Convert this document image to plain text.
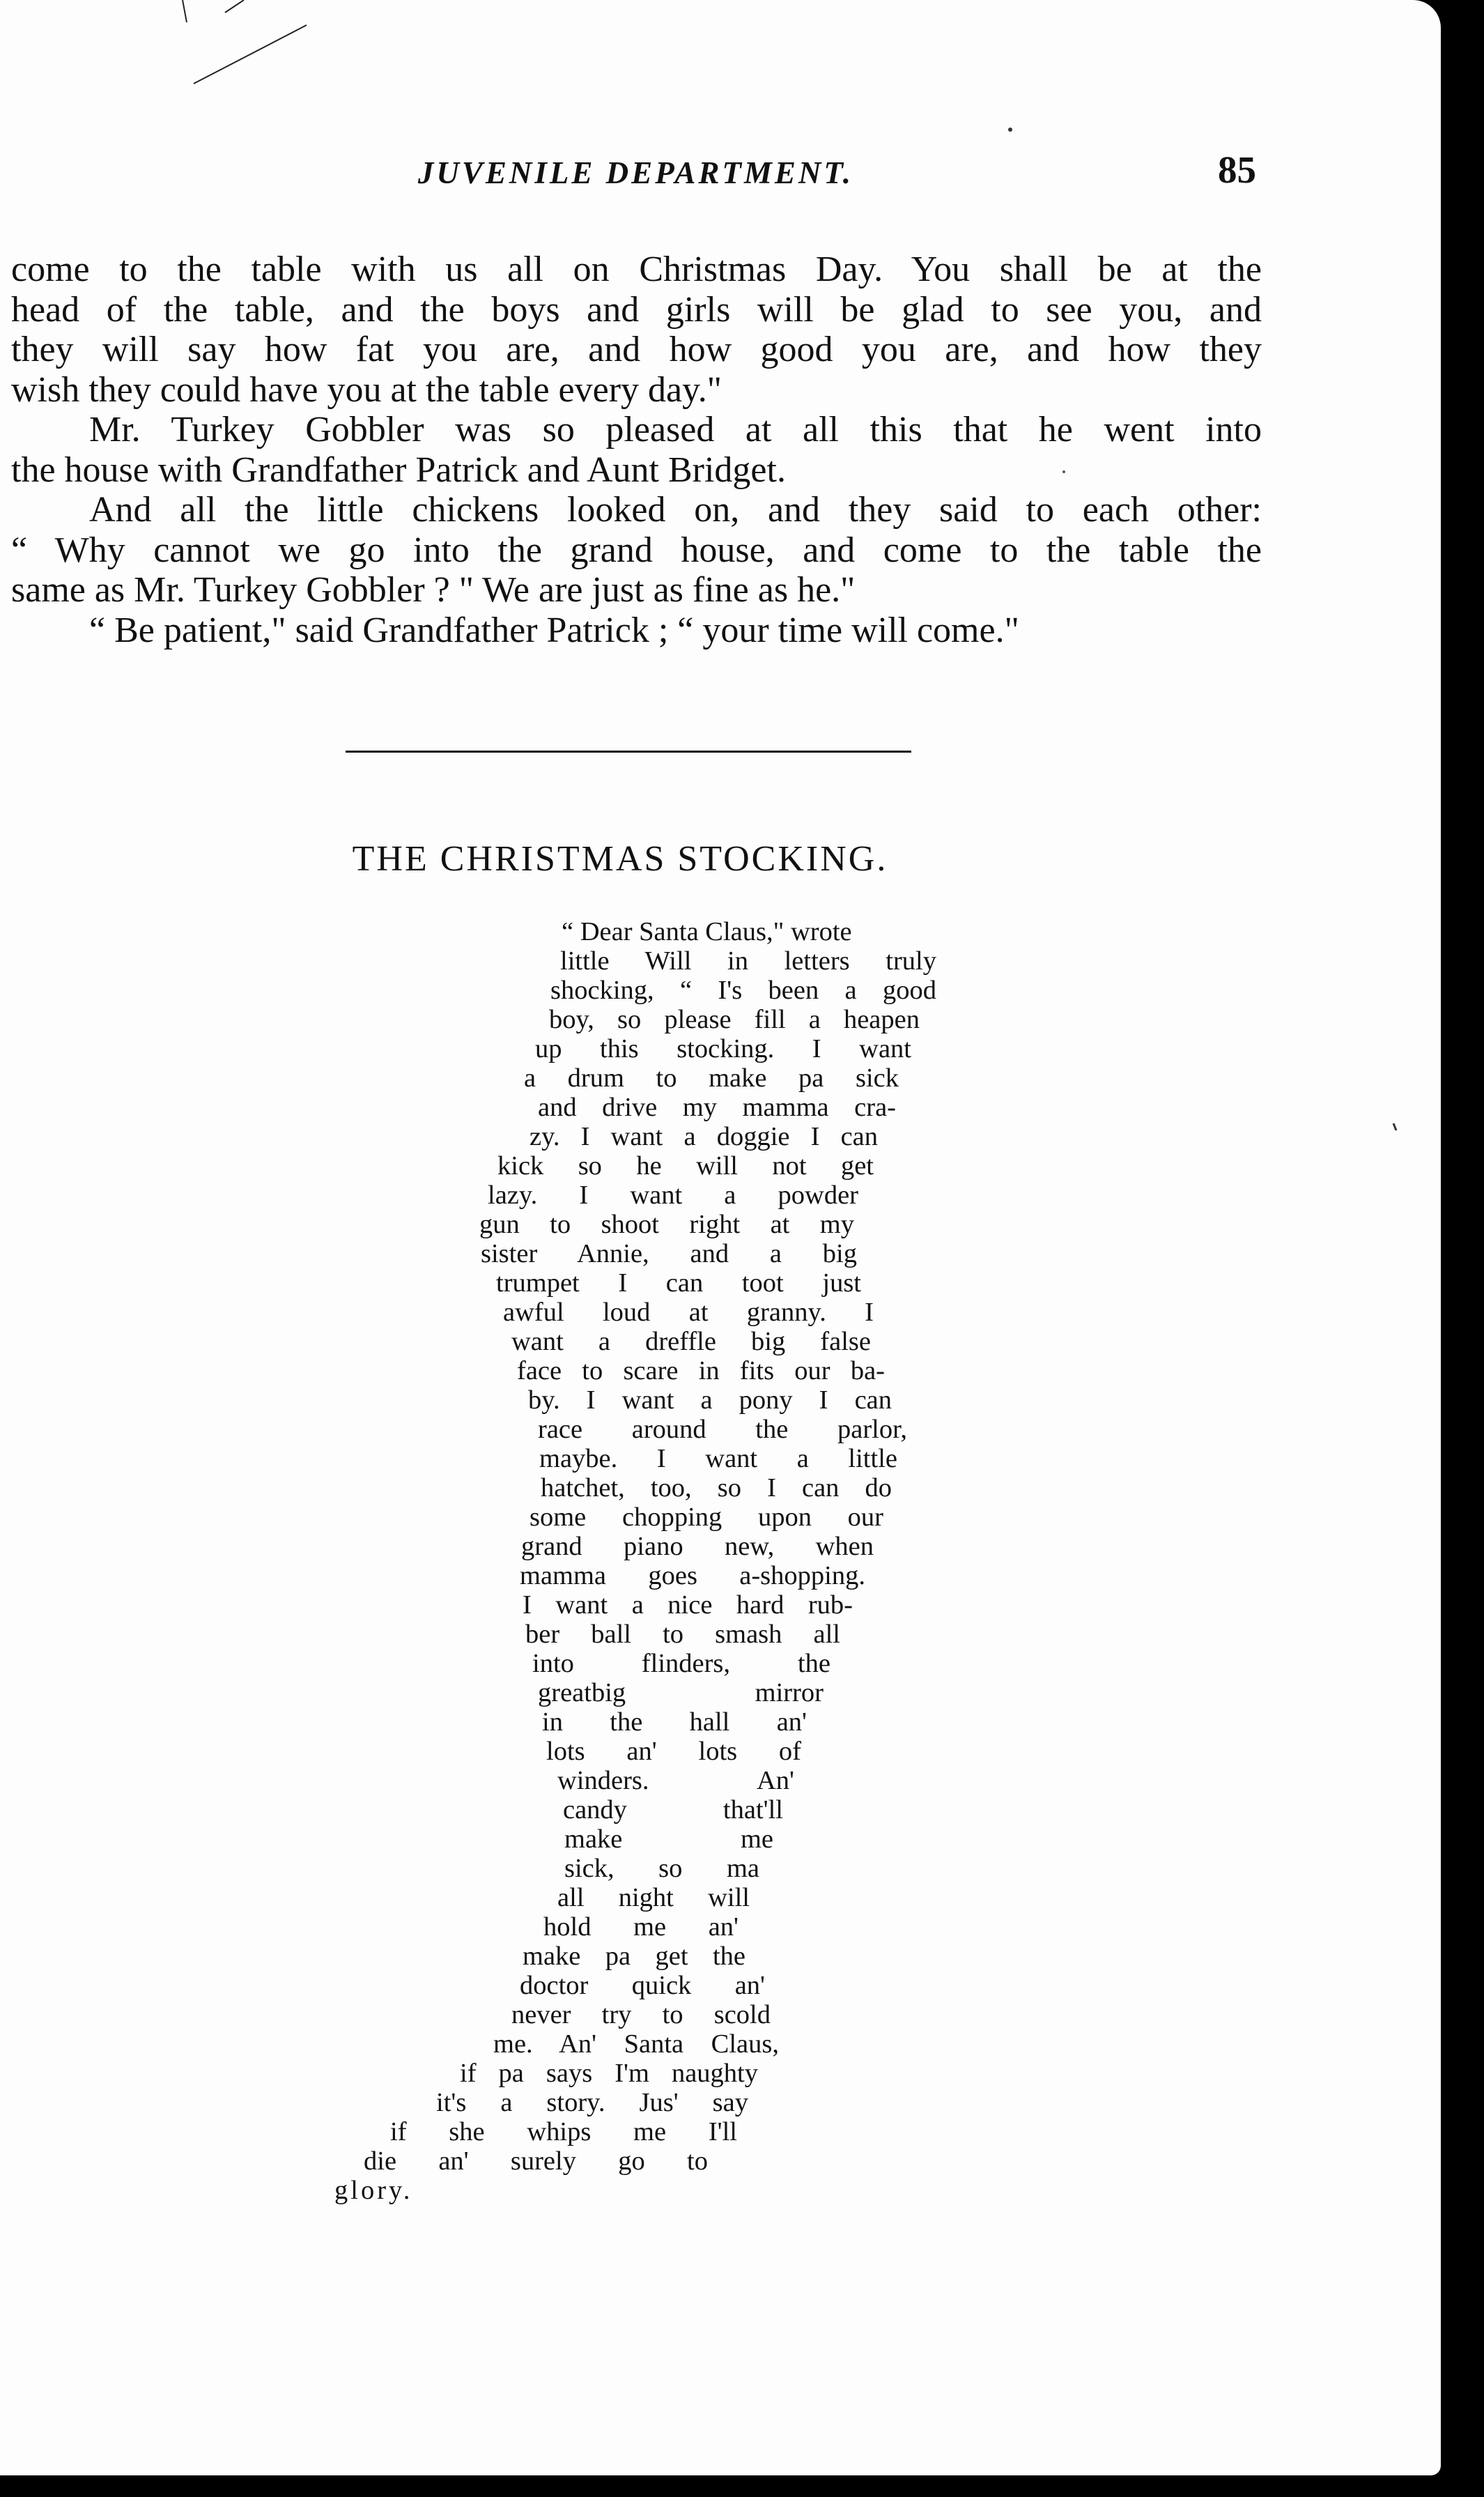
JUVENILE DEPARTMENT.	85

come to the table with us all on Christmas Day. You shall be at the

head of the table, and the boys and girls will be glad to see you, and

they will say how fat you are, and how good you are, and how they

wish they could have you at the table every day."

Mr. Turkey Gobbler was so pleased at all this that he went into

the house with Grandfather Patrick and Aunt Bridget.

And all the little chickens looked on, and they said to each other:

“ Why cannot we go into the grand house, and come to the table the

same as Mr. Turkey Gobbler ? " We are just as fine as he."

“ Be patient," said Grandfather Patrick ; “ your time will come."

THE CHRISTMAS STOCKING.
“ Dear Santa Claus," wrote
little Will in letters truly
shocking, “ I's been a good
boy, so please fill a heapen
up this stocking. I want
a drum to make pa sick
and drive my mamma cra-
zy. I want a doggie I can
kick so he will not get
lazy. I want a powder
gun to shoot right at my
sister Annie, and a big
trumpet I can toot just
awful loud at granny. I
want a dreffle big false
face to scare in fits our ba-
by. I want a pony I can
race around the parlor,
maybe. I want a little
hatchet, too, so I can do
some chopping upon our
grand piano new, when
mamma goes a-shopping.
I want a nice hard rub-
ber ball to smash all
into flinders, the
greatbig mirror
in the hall an'
lots an' lots of
winders. An'
candy that'll
make me
sick, so ma
all night will
hold me an'
make pa get the
doctor quick an'
never try to scold
me. An' Santa Claus,
if pa says I'm naughty
it's a story. Jus' say
if she whips me I'll
die an' surely go to
glory.
